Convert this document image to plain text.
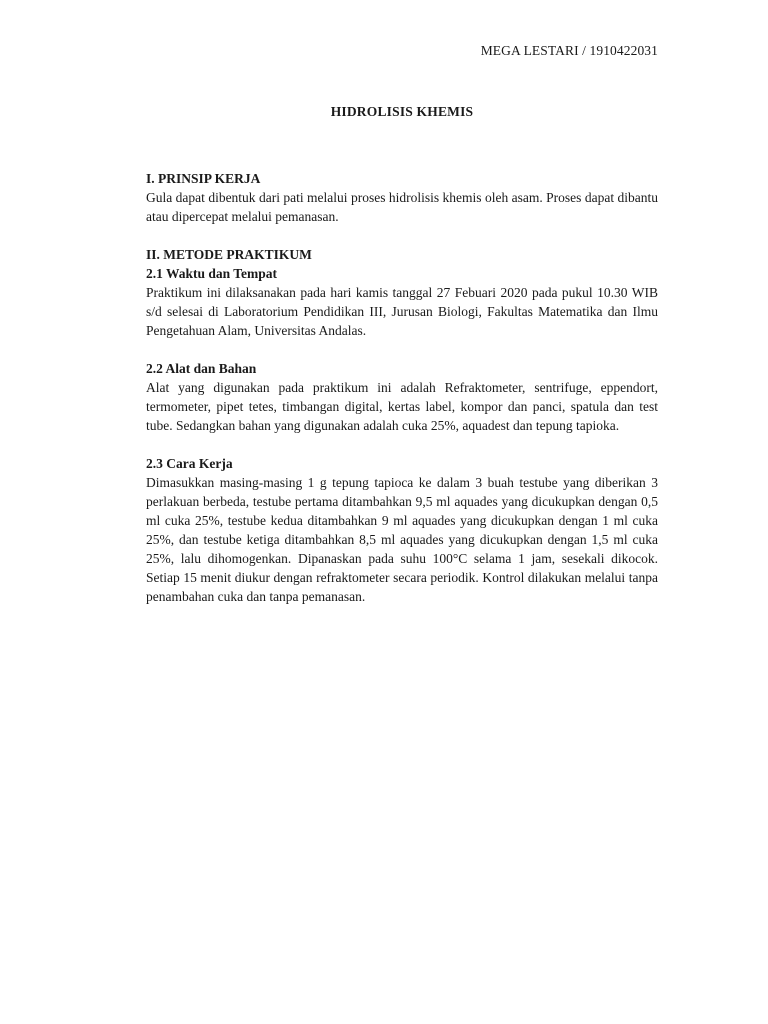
MEGA LESTARI / 1910422031
HIDROLISIS KHEMIS
I. PRINSIP KERJA

Gula dapat dibentuk dari pati melalui proses hidrolisis khemis oleh asam. Proses dapat dibantu atau dipercepat melalui pemanasan.

II. METODE PRAKTIKUM
2.1 Waktu dan Tempat

Praktikum ini dilaksanakan pada hari kamis tanggal 27 Febuari 2020 pada pukul 10.30 WIB s/d selesai di Laboratorium Pendidikan III, Jurusan Biologi, Fakultas Matematika dan Ilmu Pengetahuan Alam, Universitas Andalas.

2.2 Alat dan Bahan

Alat yang digunakan pada praktikum ini adalah Refraktometer, sentrifuge, eppendort, termometer, pipet tetes, timbangan digital, kertas label, kompor dan panci, spatula dan test tube. Sedangkan bahan yang digunakan adalah cuka 25%, aquadest dan tepung tapioka.

2.3 Cara Kerja

Dimasukkan masing-masing 1 g tepung tapioca ke dalam 3 buah testube yang diberikan 3 perlakuan berbeda, testube pertama ditambahkan 9,5 ml aquades yang dicukupkan dengan 0,5 ml cuka 25%, testube kedua ditambahkan 9 ml aquades yang dicukupkan dengan 1 ml cuka 25%, dan testube ketiga ditambahkan 8,5 ml aquades yang dicukupkan dengan 1,5 ml cuka 25%, lalu dihomogenkan. Dipanaskan pada suhu 100°C selama 1 jam, sesekali dikocok. Setiap 15 menit diukur dengan refraktometer secara periodik. Kontrol dilakukan melalui tanpa penambahan cuka dan tanpa pemanasan.
